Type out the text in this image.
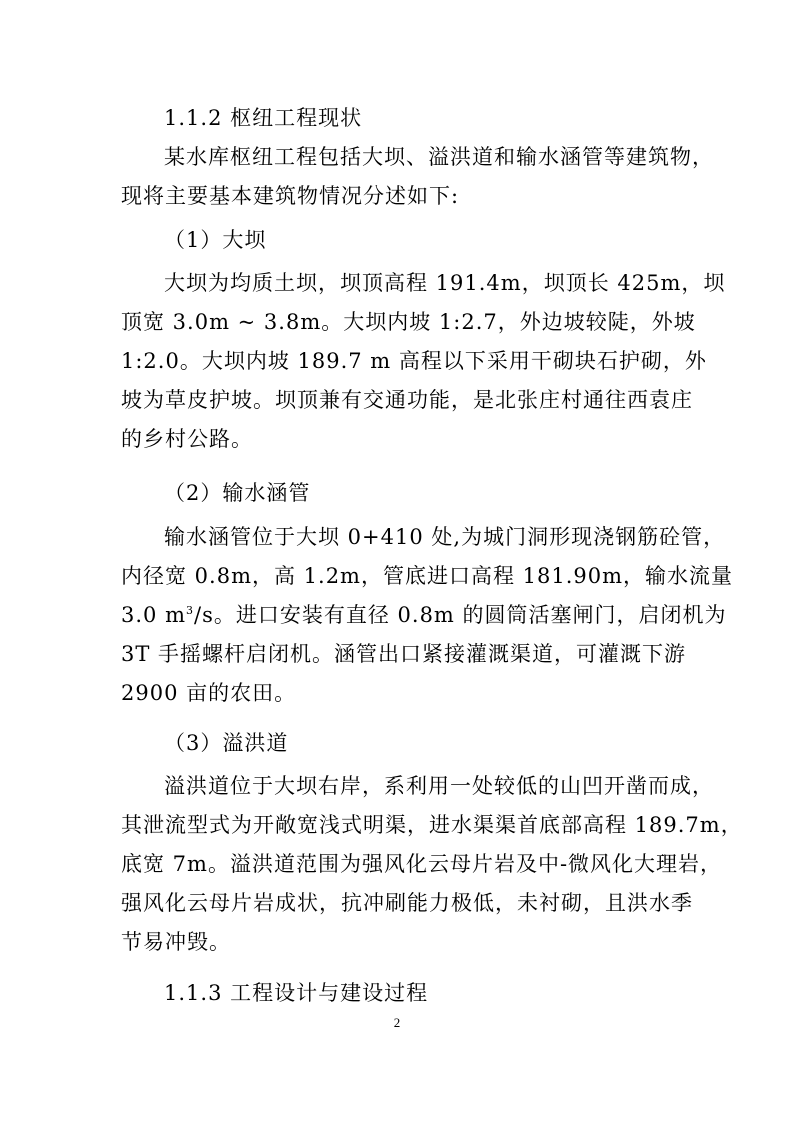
1.1.2 枢纽工程现状

某水库枢纽工程包括大坝、溢洪道和输水涵管等建筑物，
现将主要基本建筑物情况分述如下:

（1）大坝

大坝为均质土坝，坝顶高程 191.4m，坝顶长 425m，坝
顶宽 3.0m ~ 3.8m。大坝内坡 1:2.7，外边坡较陡，外坡
1:2.0。大坝内坡 189.7 m 高程以下采用干砌块石护砌，外
坡为草皮护坡。坝顶兼有交通功能，是北张庄村通往西袁庄
的乡村公路。

（2）输水涵管

输水涵管位于大坝 0+410 处,为城门洞形现浇钢筋砼管，
内径宽 0.8m，高 1.2m，管底进口高程 181.90m，输水流量
3.0 $m^3/s$。进口安装有直径 0.8m 的圆筒活塞闸门，启闭机为
3T 手摇螺杆启闭机。涵管出口紧接灌溉渠道，可灌溉下游
2900 亩的农田。

（3）溢洪道

溢洪道位于大坝右岸，系利用一处较低的山凹开凿而成，
其泄流型式为开敞宽浅式明渠，进水渠渠首底部高程 189.7m，
底宽 7m。溢洪道范围为强风化云母片岩及中-微风化大理岩，
强风化云母片岩成状，抗冲刷能力极低，未衬砌，且洪水季
节易冲毁。

1.1.3 工程设计与建设过程

2
